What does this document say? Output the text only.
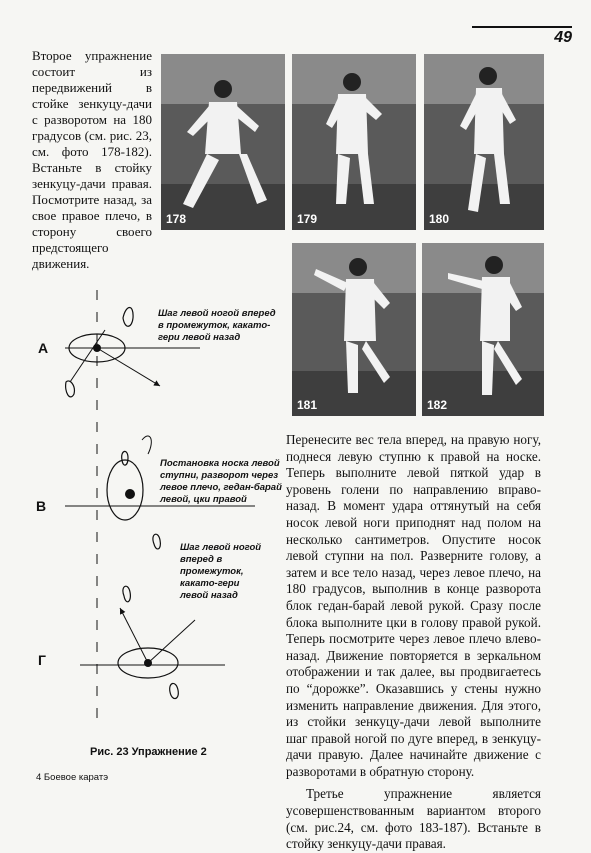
49
Второе упражнение состоит из передвижений в стойке зенкуцу-дачи с разворотом на 180 градусов (см. рис. 23, см. фото 178-182). Встаньте в стойку зенкуцу-дачи правая. Посмотрите назад, за свое правое плечо, в сторону своего предстоящего движения.
178	179	180
181	182
А
В
Г
Шаг левой ногой вперед в промежуток, какато-гери левой назад
Постановка носка левой ступни, разворот через левое плечо, гедан-барай левой, цки правой
Шаг левой ногой вперед в промежуток, какато-гери левой назад
Рис. 23 Упражнение 2

Перенесите вес тела вперед, на правую ногу, поднеся левую ступню к правой на носке. Теперь выполните левой пяткой удар в уровень голени по направлению вправо-назад. В момент удара оттянутый на себя носок левой ноги приподнят над полом на несколько сантиметров. Опустите носок левой ступни на пол. Разверните голову, а затем и все тело назад, через левое плечо, на 180 градусов, выполнив в конце разворота блок гедан-барай левой рукой. Сразу после блока выполните цки в голову правой рукой. Теперь посмотрите через левое плечо влево-назад. Движение повторяется в зеркальном отображении и так далее, вы продвигаетесь по “дорожке”. Оказавшись у стены нужно изменить направление движения. Для этого, из стойки зенкуцу-дачи левой выполните шаг правой ногой по дуге вперед, в зенкуцу-дачи правую. Далее начинайте движение с разворотами в обратную сторону.

Третье упражнение является усовершенствованным вариантом второго (см. рис.24, см. фото 183-187). Встаньте в стойку зенкуцу-дачи правая.

4 Боевое каратэ
